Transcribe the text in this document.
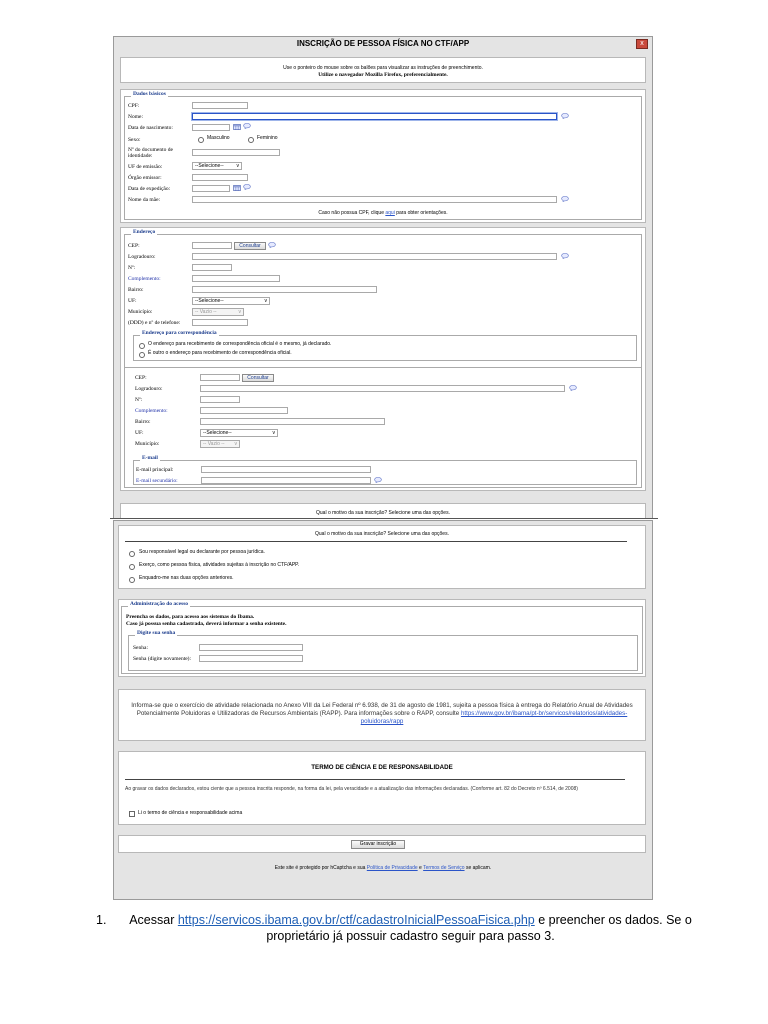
INSCRIÇÃO DE PESSOA FÍSICA NO CTF/APP	x
Use o ponteiro do mouse sobre os balões para visualizar as instruções de preenchimento.
Utilize o navegador Mozilla Firefox, preferencialmente.
Dados básicos
CPF:
Nome:
Data de nascimento:
Sexo:	Masculino	Feminino
Nº do documento de
identidade:
UF de emissão:	--Selecione--	v
Órgão emissor:
Data de expedição:
Nome da mãe:
Caso não possua CPF, clique aqui para obter orientações.
Endereço
CEP:	Consultar
Logradouro:
Nº:
Complemento:
Bairro:
UF:	--Selecione--	v
Município:	-- Vazio --	v
(DDD) e nº de telefone:
Endereço para correspondência
O endereço para recebimento de correspondência oficial é o mesmo, já declarado.
É outro o endereço para recebimento de correspondência oficial.
CEP:	Consultar
Logradouro:
Nº:
Complemento:
Bairro:
UF:	--Selecione--	v
Município:	-- Vazio -- v
E-mail
E-mail principal:
E-mail secundário:
Qual o motivo da sua inscrição? Selecione uma das opções.
Qual o motivo da sua inscrição? Selecione uma das opções.
Sou responsável legal ou declarante por pessoa jurídica.
Exerço, como pessoa física, atividades sujeitas à inscrição no CTF/APP.
Enquadro-me nas duas opções anteriores.
Administração do acesso
Preencha os dados, para acesso aos sistemas do Ibama.
Caso já possua senha cadastrada, deverá informar a senha existente.
Digite sua senha
Senha:
Senha (digite novamente):
Informa-se que o exercício de atividade relacionada no Anexo VIII da Lei Federal nº 6.938, de 31 de agosto de 1981, sujeita a pessoa física à entrega do Relatório Anual de Atividades Potencialmente Poluidoras e Utilizadoras de Recursos Ambientais (RAPP). Para informações sobre o RAPP, consulte https://www.gov.br/ibama/pt-br/servicos/relatorios/atividades-poluidoras/rapp
TERMO DE CIÊNCIA E DE RESPONSABILIDADE
Ao gravar os dados declarados, estou ciente que a pessoa inscrita responde, na forma da lei, pela veracidade e a atualização das informações declaradas. (Conforme art. 82 do Decreto nº 6.514, de 2008)
Li o termo de ciência e responsabilidade acima
Gravar inscrição
Este site é protegido por hCaptcha e sua Política de Privacidade e Termos de Serviço se aplicam.
1.	Acessar https://servicos.ibama.gov.br/ctf/cadastroInicialPessoaFisica.php e preencher os dados. Se o
proprietário já possuir cadastro seguir para passo 3.
